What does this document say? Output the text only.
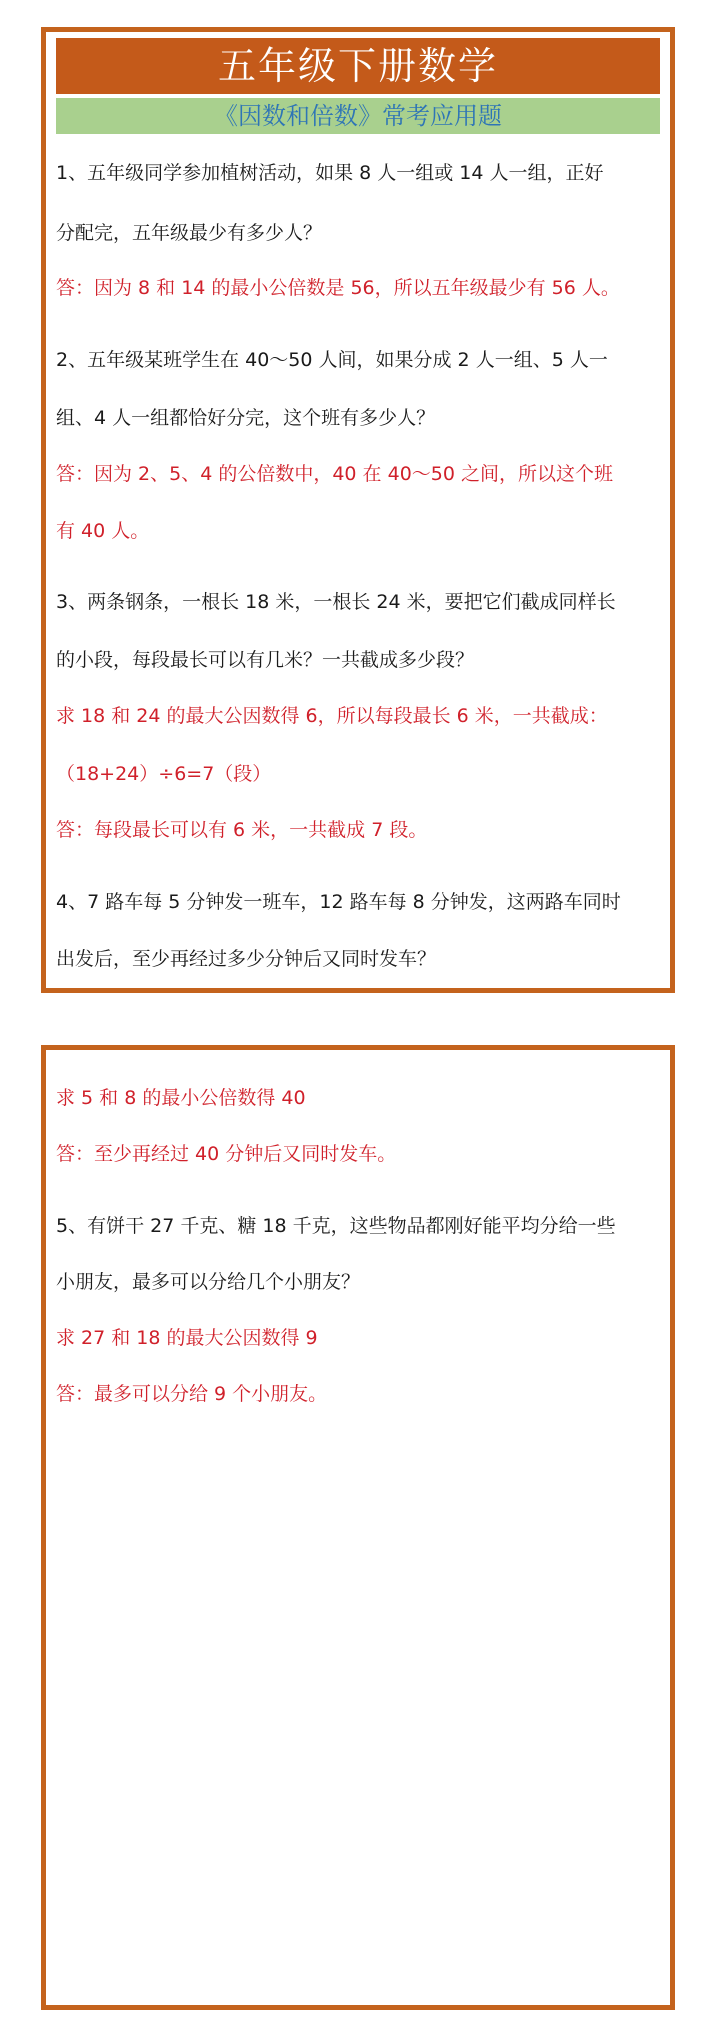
五年级下册数学
《因数和倍数》常考应用题
1、五年级同学参加植树活动，如果 8 人一组或 14 人一组，正好
分配完，五年级最少有多少人？
答：因为 8 和 14 的最小公倍数是 56，所以五年级最少有 56 人。
2、五年级某班学生在 40～50 人间，如果分成 2 人一组、5 人一
组、4 人一组都恰好分完，这个班有多少人？
答：因为 2、5、4 的公倍数中，40 在 40～50 之间，所以这个班
有 40 人。
3、两条钢条，一根长 18 米，一根长 24 米，要把它们截成同样长
的小段，每段最长可以有几米？一共截成多少段？
求 18 和 24 的最大公因数得 6，所以每段最长 6 米，一共截成：
（18+24）÷6=7（段）
答：每段最长可以有 6 米，一共截成 7 段。
4、7 路车每 5 分钟发一班车，12 路车每 8 分钟发，这两路车同时
出发后，至少再经过多少分钟后又同时发车？
求 5 和 8 的最小公倍数得 40
答：至少再经过 40 分钟后又同时发车。
5、有饼干 27 千克、糖 18 千克，这些物品都刚好能平均分给一些
小朋友，最多可以分给几个小朋友？
求 27 和 18 的最大公因数得 9
答：最多可以分给 9 个小朋友。
